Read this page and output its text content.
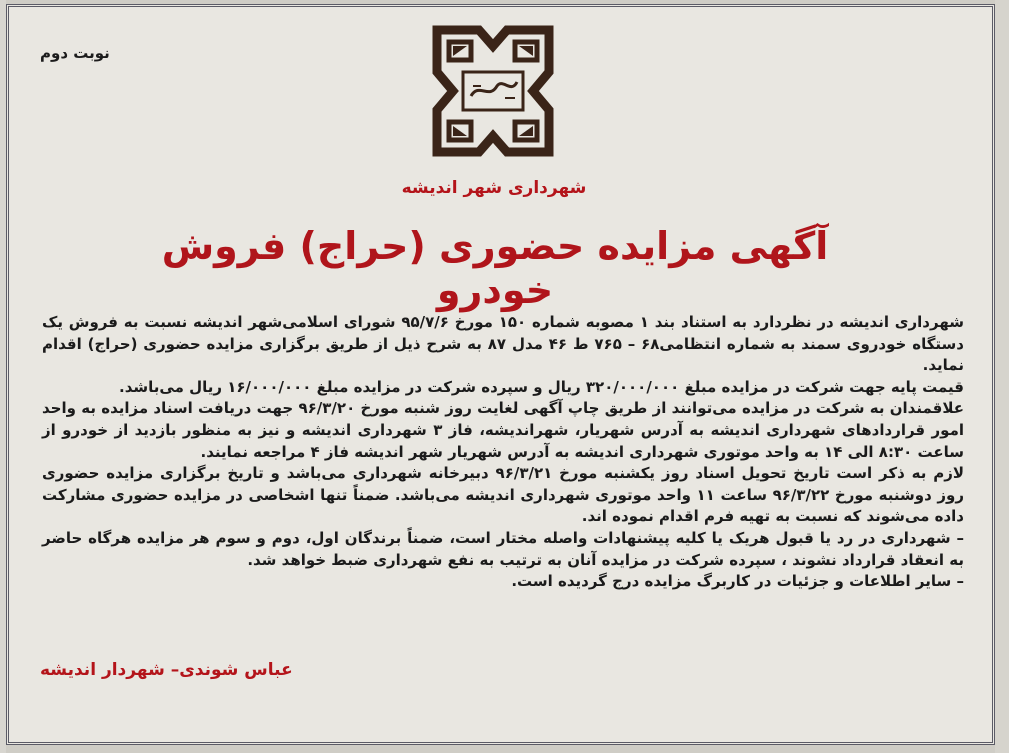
نوبت دوم
شهرداری شهر اندیشه
آگهی مزایده حضوری (حراج) فروش خودرو

شهرداری اندیشه در نظردارد به استناد بند ۱ مصوبه شماره ۱۵۰ مورخ ۹۵/۷/۶ شورای اسلامی‌شهر اندیشه نسبت به فروش یک دستگاه خودروی سمند به شماره انتظامی۶۸ – ۷۶۵ ط ۴۶ مدل ۸۷ به شرح ذیل از طریق برگزاری مزایده حضوری (حراج) اقدام نماید.

قیمت پایه جهت شرکت در مزایده مبلغ ۳۲۰/۰۰۰/۰۰۰ ریال و سپرده شرکت در مزایده مبلغ ۱۶/۰۰۰/۰۰۰ ریال می‌باشد.

علاقمندان به شرکت در مزایده می‌توانند از طریق چاپ آگهی لغایت روز شنبه مورخ ۹۶/۳/۲۰ جهت دریافت اسناد مزایده به واحد امور قراردادهای شهرداری اندیشه به آدرس شهریار، شهراندیشه، فاز ۳ شهرداری اندیشه و نیز به منظور بازدید از خودرو از ساعت ۸:۳۰ الی ۱۴ به واحد موتوری شهرداری اندیشه به آدرس شهریار شهر اندیشه فاز ۴ مراجعه نمایند.

لازم به ذکر است تاریخ تحویل اسناد روز یکشنبه مورخ ۹۶/۳/۲۱ دبیرخانه شهرداری می‌باشد و تاریخ برگزاری مزایده حضوری روز دوشنبه مورخ ۹۶/۳/۲۲ ساعت ۱۱ واحد موتوری شهرداری اندیشه می‌باشد. ضمناً تنها اشخاصی در مزایده حضوری مشارکت داده می‌شوند که نسبت به تهیه فرم اقدام نموده اند.

– شهرداری در رد یا قبول هریک یا کلیه پیشنهادات واصله مختار است، ضمناً برندگان اول، دوم و سوم هر مزایده هرگاه حاضر به انعقاد قرارداد نشوند ، سپرده شرکت در مزایده آنان به ترتیب به نفع شهرداری ضبط خواهد شد.

– سایر اطلاعات و جزئیات در کاربرگ مزایده درج گردیده است.

عباس شوندی– شهردار اندیشه
